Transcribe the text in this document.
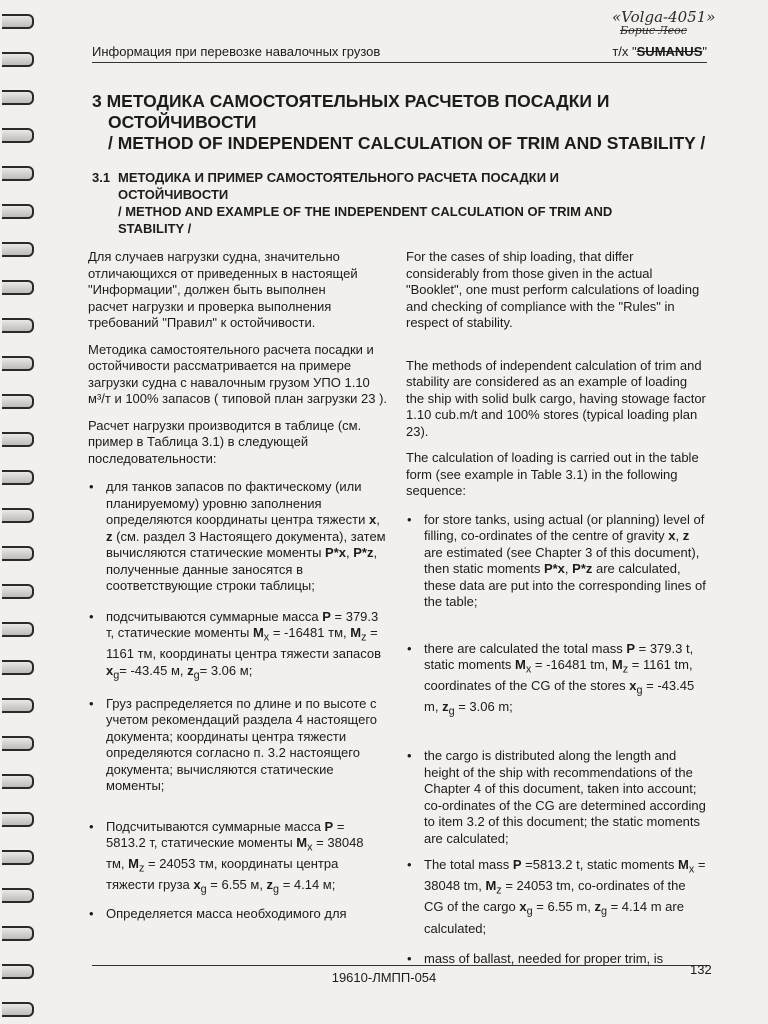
«Volga-4051»
Борис Леос
Информация при перевозке навалочных грузов	т/х "SUMANUS"
3 МЕТОДИКА САМОСТОЯТЕЛЬНЫХ РАСЧЕТОВ ПОСАДКИ И
ОСТОЙЧИВОСТИ
/ METHOD OF INDEPENDENT CALCULATION OF TRIM AND STABILITY /
3.1 МЕТОДИКА И ПРИМЕР САМОСТОЯТЕЛЬНОГО РАСЧЕТА ПОСАДКИ И
ОСТОЙЧИВОСТИ
/ METHOD AND EXAMPLE OF THE INDEPENDENT CALCULATION OF TRIM AND
STABILITY /

Для случаев нагрузки судна, значительно отличающихся от приведенных в настоящей "Информации", должен быть выполнен расчет нагрузки и проверка выполнения требований "Правил" к остойчивости.

Методика самостоятельного расчета посадки и остойчивости рассматривается на примере загрузки судна с навалочным грузом УПО 1.10 м³/т и 100% запасов ( типовой план загрузки 23 ).

Расчет нагрузки производится в таблице (см. пример в Таблица 3.1) в следующей последовательности:

• для танков запасов по фактическому (или планируемому) уровню заполнения определяются координаты центра тяжести x, z (см. раздел 3 Настоящего документа), затем вычисляются статические моменты P*x, P*z, полученные данные заносятся в соответствующие строки таблицы;

• подсчитываются суммарные масса P = 379.3 т, статические моменты $M_x = -16481$ тм, $M_z = 1161$ тм, координаты центра тяжести запасов $x_g= -43.45$ м, $z_g= 3.06$ м;

• Груз распределяется по длине и по высоте с учетом рекомендаций раздела 4 настоящего документа; координаты центра тяжести определяются согласно п. 3.2 настоящего документа; вычисляются статические моменты;

• Подсчитываются суммарные масса P = 5813.2 т, статические моменты $M_x = 38048$ тм, $M_z = 24053$ тм, координаты центра тяжести груза $x_g = 6.55$ м, $z_g = 4.14$ м;

• Определяется масса необходимого для

For the cases of ship loading, that differ considerably from those given in the actual "Booklet", one must perform calculations of loading and checking of compliance with the "Rules" in respect of stability.

The methods of independent calculation of trim and stability are considered as an example of loading the ship with solid bulk cargo, having stowage factor 1.10 cub.m/t and 100% stores (typical loading plan 23).

The calculation of loading is carried out in the table form (see example in Table 3.1) in the following sequence:

• for store tanks, using actual (or planning) level of filling, co-ordinates of the centre of gravity x, z are estimated (see Chapter 3 of this document), then static moments P*x, P*z are calculated, these data are put into the corresponding lines of the table;

• there are calculated the total mass P = 379.3 t, static moments $M_x = -16481$ tm, $M_z = 1161$ tm, coordinates of the CG of the stores $x_g = -43.45$ m, $z_g = 3.06$ m;

• the cargo is distributed along the length and height of the ship with recommendations of the Chapter 4 of this document, taken into account; co-ordinates of the CG are determined according to item 3.2 of this document; the static moments are calculated;

• The total mass P =5813.2 t, static moments $M_x = 38048$ tm, $M_z = 24053$ tm, co-ordinates of the CG of the cargo $x_g = 6.55$ m, $z_g = 4.14$ m are calculated;

• mass of ballast, needed for proper trim, is

19610-ЛМПП-054
132
